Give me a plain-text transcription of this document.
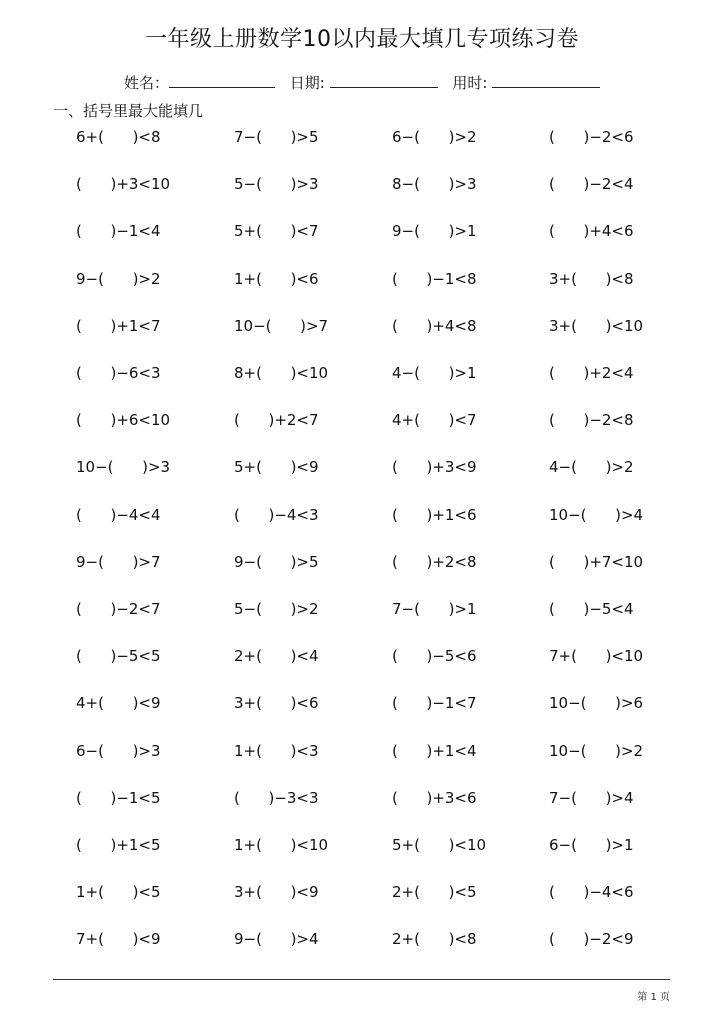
一年级上册数学10以内最大填几专项练习卷
姓名：	日期:	用时:
一、括号里最大能填几
6+(      )<8	7−(      )>5	6−(      )>2	(      )−2<6
(      )+3<10	5−(      )>3	8−(      )>3	(      )−2<4
(      )−1<4	5+(      )<7	9−(      )>1	(      )+4<6
9−(      )>2	1+(      )<6	(      )−1<8	3+(      )<8
(      )+1<7	10−(      )>7	(      )+4<8	3+(      )<10
(      )−6<3	8+(      )<10	4−(      )>1	(      )+2<4
(      )+6<10	(      )+2<7	4+(      )<7	(      )−2<8
10−(      )>3	5+(      )<9	(      )+3<9	4−(      )>2
(      )−4<4	(      )−4<3	(      )+1<6	10−(      )>4
9−(      )>7	9−(      )>5	(      )+2<8	(      )+7<10
(      )−2<7	5−(      )>2	7−(      )>1	(      )−5<4
(      )−5<5	2+(      )<4	(      )−5<6	7+(      )<10
4+(      )<9	3+(      )<6	(      )−1<7	10−(      )>6
6−(      )>3	1+(      )<3	(      )+1<4	10−(      )>2
(      )−1<5	(      )−3<3	(      )+3<6	7−(      )>4
(      )+1<5	1+(      )<10	5+(      )<10	6−(      )>1
1+(      )<5	3+(      )<9	2+(      )<5	(      )−4<6
7+(      )<9	9−(      )>4	2+(      )<8	(      )−2<9
第 1 页
